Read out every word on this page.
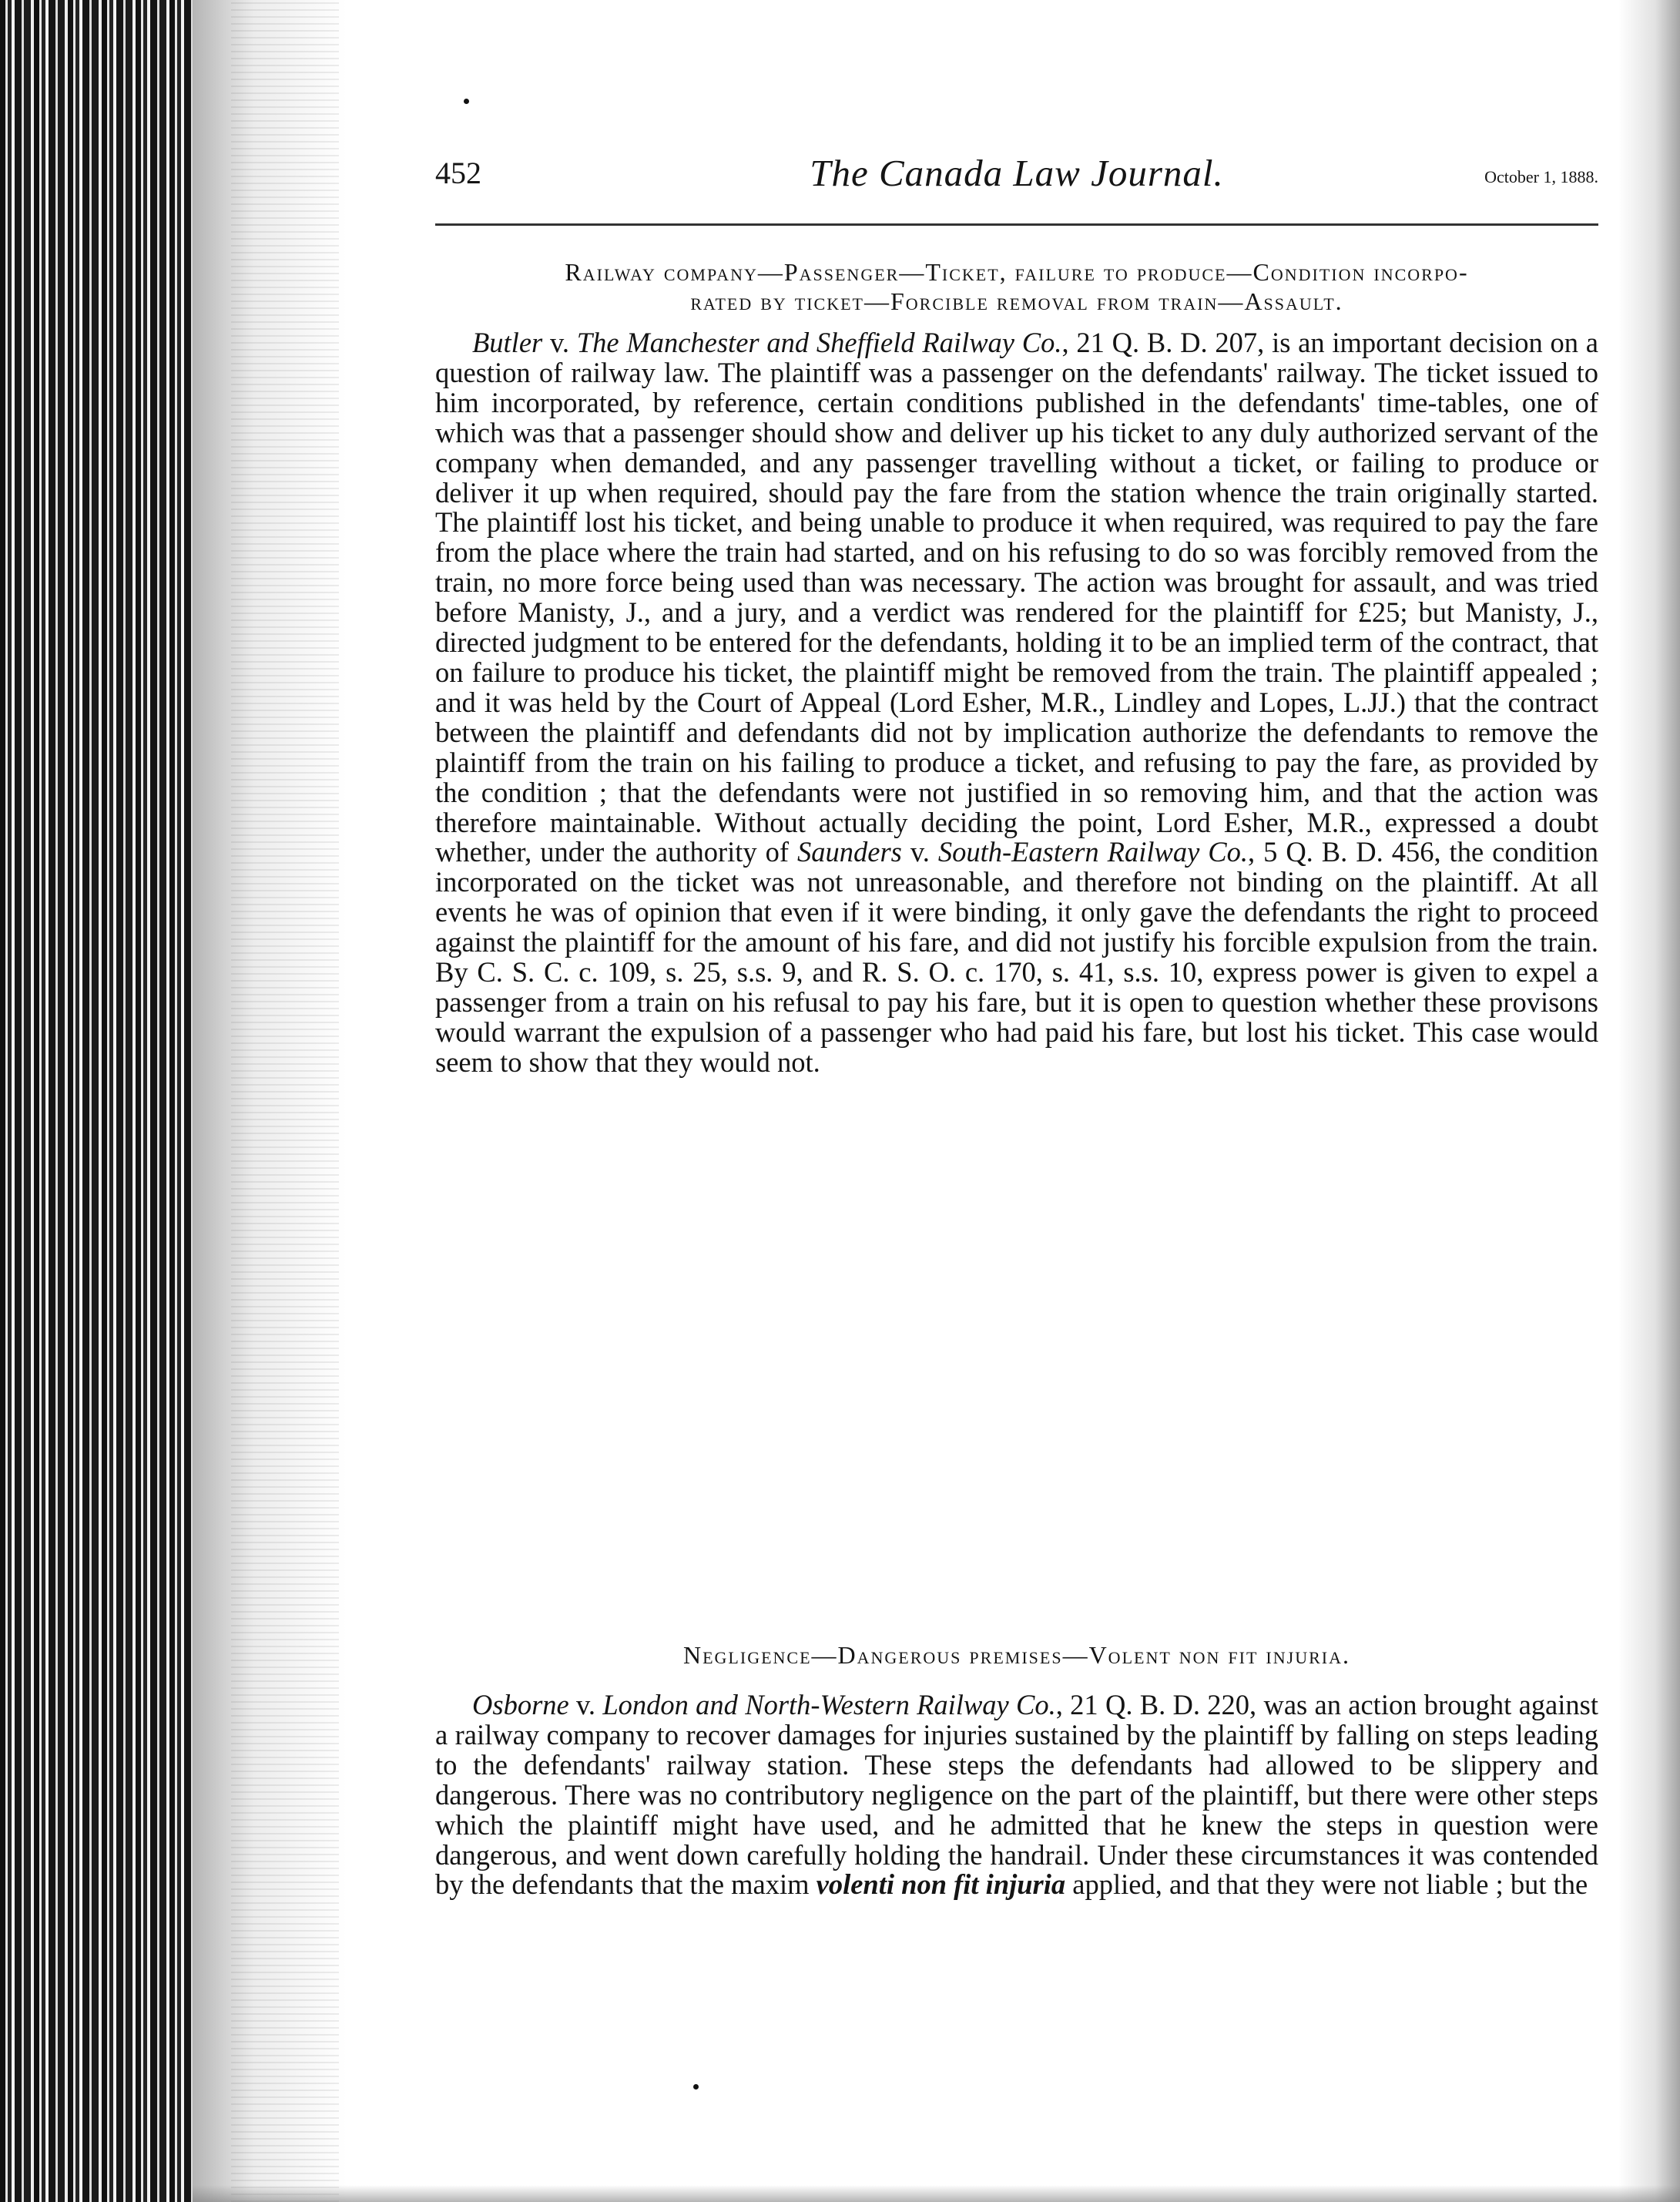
452	The Canada Law Journal.	October 1, 1888.
Railway company—Passenger—Ticket, failure to produce—Condition incorpo-
rated by ticket—Forcible removal from train—Assault.

Butler v. The Manchester and Sheffield Railway Co., 21 Q. B. D. 207, is an important decision on a question of railway law. The plaintiff was a passenger on the defendants' railway. The ticket issued to him incorporated, by reference, certain conditions published in the defendants' time-tables, one of which was that a passenger should show and deliver up his ticket to any duly authorized servant of the company when demanded, and any passenger travelling without a ticket, or failing to produce or deliver it up when required, should pay the fare from the station whence the train originally started. The plaintiff lost his ticket, and being unable to produce it when required, was required to pay the fare from the place where the train had started, and on his refusing to do so was forcibly removed from the train, no more force being used than was necessary. The action was brought for assault, and was tried before Manisty, J., and a jury, and a verdict was rendered for the plaintiff for £25; but Manisty, J., directed judgment to be entered for the defendants, holding it to be an implied term of the contract, that on failure to produce his ticket, the plaintiff might be removed from the train. The plaintiff appealed ; and it was held by the Court of Appeal (Lord Esher, M.R., Lindley and Lopes, L.JJ.) that the contract between the plaintiff and defendants did not by implication authorize the defendants to remove the plaintiff from the train on his failing to produce a ticket, and refusing to pay the fare, as provided by the condition ; that the defendants were not justified in so removing him, and that the action was therefore maintainable. Without actually deciding the point, Lord Esher, M.R., expressed a doubt whether, under the authority of Saunders v. South-Eastern Railway Co., 5 Q. B. D. 456, the condition incorporated on the ticket was not unreasonable, and therefore not binding on the plaintiff. At all events he was of opinion that even if it were binding, it only gave the defendants the right to proceed against the plaintiff for the amount of his fare, and did not justify his forcible expulsion from the train. By C. S. C. c. 109, s. 25, s.s. 9, and R. S. O. c. 170, s. 41, s.s. 10, express power is given to expel a passenger from a train on his refusal to pay his fare, but it is open to question whether these provisons would warrant the expulsion of a passenger who had paid his fare, but lost his ticket. This case would seem to show that they would not.

Negligence—Dangerous premises—Volent non fit injuria.

Osborne v. London and North-Western Railway Co., 21 Q. B. D. 220, was an action brought against a railway company to recover damages for injuries sustained by the plaintiff by falling on steps leading to the defendants' railway station. These steps the defendants had allowed to be slippery and dangerous. There was no contributory negligence on the part of the plaintiff, but there were other steps which the plaintiff might have used, and he admitted that he knew the steps in question were dangerous, and went down carefully holding the handrail. Under these circumstances it was contended by the defendants that the maxim volenti non fit injuria applied, and that they were not liable ; but the
